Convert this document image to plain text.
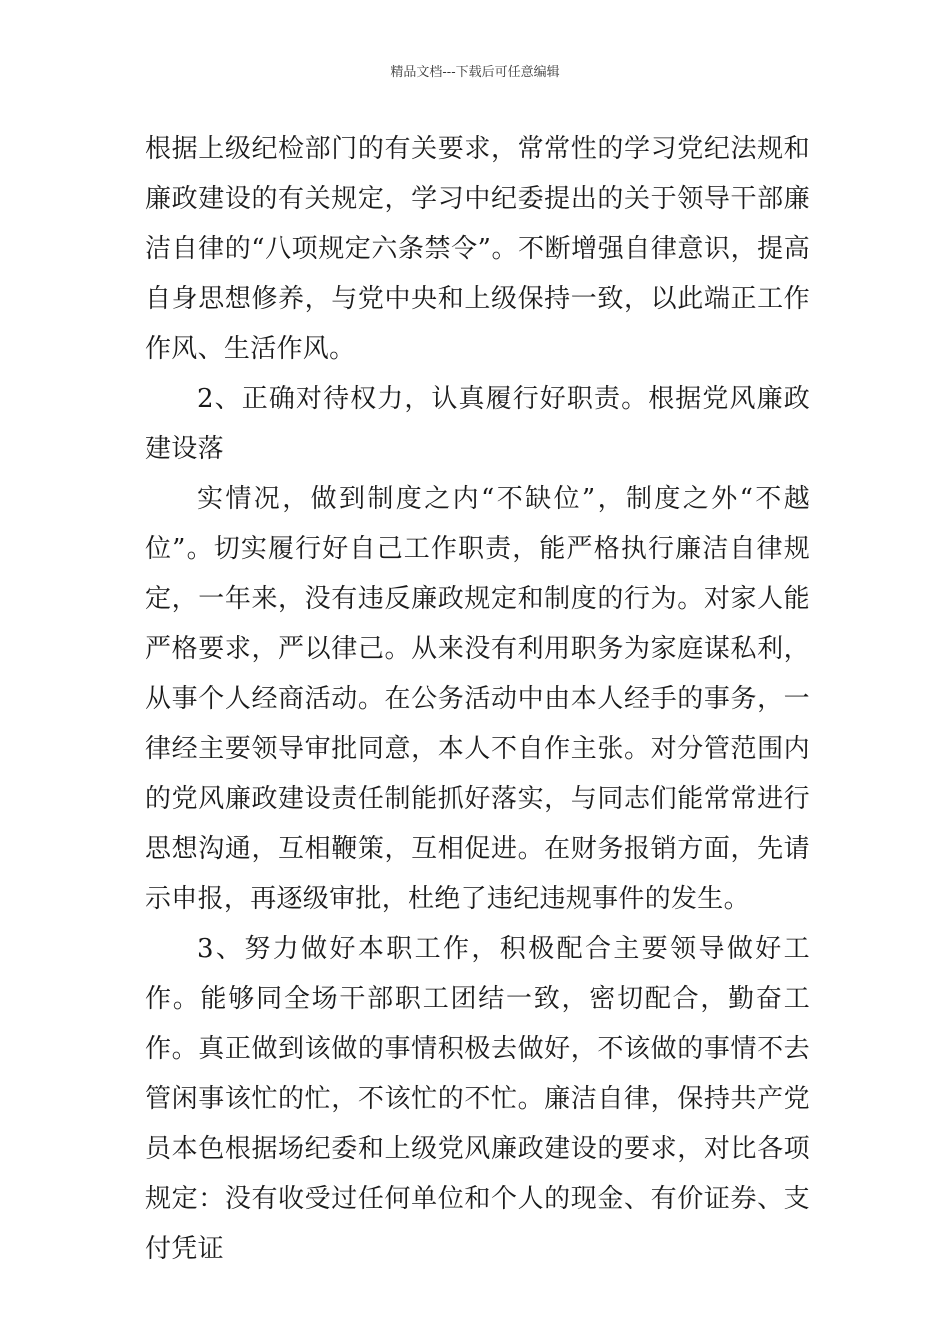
精品文档---下载后可任意编辑

根据上级纪检部门的有关要求，常常性的学习党纪法规和廉政建设的有关规定，学习中纪委提出的关于领导干部廉洁自律的“八项规定六条禁令”。不断增强自律意识，提高自身思想修养，与党中央和上级保持一致，以此端正工作作风、生活作风。

2、正确对待权力，认真履行好职责。根据党风廉政建设落

实情况，做到制度之内“不缺位”，制度之外“不越位”。切实履行好自己工作职责，能严格执行廉洁自律规定，一年来，没有违反廉政规定和制度的行为。对家人能严格要求，严以律己。从来没有利用职务为家庭谋私利，从事个人经商活动。在公务活动中由本人经手的事务，一律经主要领导审批同意，本人不自作主张。对分管范围内的党风廉政建设责任制能抓好落实，与同志们能常常进行思想沟通，互相鞭策，互相促进。在财务报销方面，先请示申报，再逐级审批，杜绝了违纪违规事件的发生。

3、努力做好本职工作，积极配合主要领导做好工作。能够同全场干部职工团结一致，密切配合，勤奋工作。真正做到该做的事情积极去做好，不该做的事情不去管闲事该忙的忙，不该忙的不忙。廉洁自律，保持共产党员本色根据场纪委和上级党风廉政建设的要求，对比各项规定：没有收受过任何单位和个人的现金、有价证券、支付凭证
